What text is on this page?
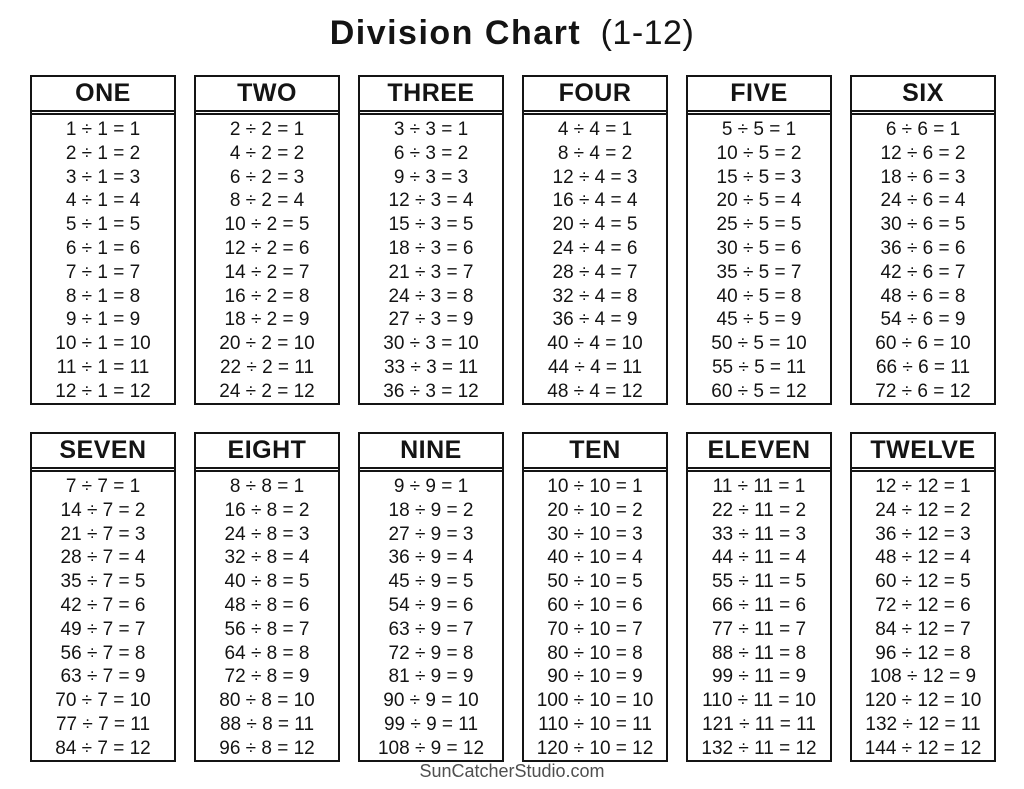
Division Chart (1-12)
ONE
1 ÷ 1 = 1
2 ÷ 1 = 2
3 ÷ 1 = 3
4 ÷ 1 = 4
5 ÷ 1 = 5
6 ÷ 1 = 6
7 ÷ 1 = 7
8 ÷ 1 = 8
9 ÷ 1 = 9
10 ÷ 1 = 10
11 ÷ 1 = 11
12 ÷ 1 = 12
TWO
2 ÷ 2 = 1
4 ÷ 2 = 2
6 ÷ 2 = 3
8 ÷ 2 = 4
10 ÷ 2 = 5
12 ÷ 2 = 6
14 ÷ 2 = 7
16 ÷ 2 = 8
18 ÷ 2 = 9
20 ÷ 2 = 10
22 ÷ 2 = 11
24 ÷ 2 = 12
THREE
3 ÷ 3 = 1
6 ÷ 3 = 2
9 ÷ 3 = 3
12 ÷ 3 = 4
15 ÷ 3 = 5
18 ÷ 3 = 6
21 ÷ 3 = 7
24 ÷ 3 = 8
27 ÷ 3 = 9
30 ÷ 3 = 10
33 ÷ 3 = 11
36 ÷ 3 = 12
FOUR
4 ÷ 4 = 1
8 ÷ 4 = 2
12 ÷ 4 = 3
16 ÷ 4 = 4
20 ÷ 4 = 5
24 ÷ 4 = 6
28 ÷ 4 = 7
32 ÷ 4 = 8
36 ÷ 4 = 9
40 ÷ 4 = 10
44 ÷ 4 = 11
48 ÷ 4 = 12
FIVE
5 ÷ 5 = 1
10 ÷ 5 = 2
15 ÷ 5 = 3
20 ÷ 5 = 4
25 ÷ 5 = 5
30 ÷ 5 = 6
35 ÷ 5 = 7
40 ÷ 5 = 8
45 ÷ 5 = 9
50 ÷ 5 = 10
55 ÷ 5 = 11
60 ÷ 5 = 12
SIX
6 ÷ 6 = 1
12 ÷ 6 = 2
18 ÷ 6 = 3
24 ÷ 6 = 4
30 ÷ 6 = 5
36 ÷ 6 = 6
42 ÷ 6 = 7
48 ÷ 6 = 8
54 ÷ 6 = 9
60 ÷ 6 = 10
66 ÷ 6 = 11
72 ÷ 6 = 12
SEVEN
7 ÷ 7 = 1
14 ÷ 7 = 2
21 ÷ 7 = 3
28 ÷ 7 = 4
35 ÷ 7 = 5
42 ÷ 7 = 6
49 ÷ 7 = 7
56 ÷ 7 = 8
63 ÷ 7 = 9
70 ÷ 7 = 10
77 ÷ 7 = 11
84 ÷ 7 = 12
EIGHT
8 ÷ 8 = 1
16 ÷ 8 = 2
24 ÷ 8 = 3
32 ÷ 8 = 4
40 ÷ 8 = 5
48 ÷ 8 = 6
56 ÷ 8 = 7
64 ÷ 8 = 8
72 ÷ 8 = 9
80 ÷ 8 = 10
88 ÷ 8 = 11
96 ÷ 8 = 12
NINE
9 ÷ 9 = 1
18 ÷ 9 = 2
27 ÷ 9 = 3
36 ÷ 9 = 4
45 ÷ 9 = 5
54 ÷ 9 = 6
63 ÷ 9 = 7
72 ÷ 9 = 8
81 ÷ 9 = 9
90 ÷ 9 = 10
99 ÷ 9 = 11
108 ÷ 9 = 12
TEN
10 ÷ 10 = 1
20 ÷ 10 = 2
30 ÷ 10 = 3
40 ÷ 10 = 4
50 ÷ 10 = 5
60 ÷ 10 = 6
70 ÷ 10 = 7
80 ÷ 10 = 8
90 ÷ 10 = 9
100 ÷ 10 = 10
110 ÷ 10 = 11
120 ÷ 10 = 12
ELEVEN
11 ÷ 11 = 1
22 ÷ 11 = 2
33 ÷ 11 = 3
44 ÷ 11 = 4
55 ÷ 11 = 5
66 ÷ 11 = 6
77 ÷ 11 = 7
88 ÷ 11 = 8
99 ÷ 11 = 9
110 ÷ 11 = 10
121 ÷ 11 = 11
132 ÷ 11 = 12
TWELVE
12 ÷ 12 = 1
24 ÷ 12 = 2
36 ÷ 12 = 3
48 ÷ 12 = 4
60 ÷ 12 = 5
72 ÷ 12 = 6
84 ÷ 12 = 7
96 ÷ 12 = 8
108 ÷ 12 = 9
120 ÷ 12 = 10
132 ÷ 12 = 11
144 ÷ 12 = 12
SunCatcherStudio.com
